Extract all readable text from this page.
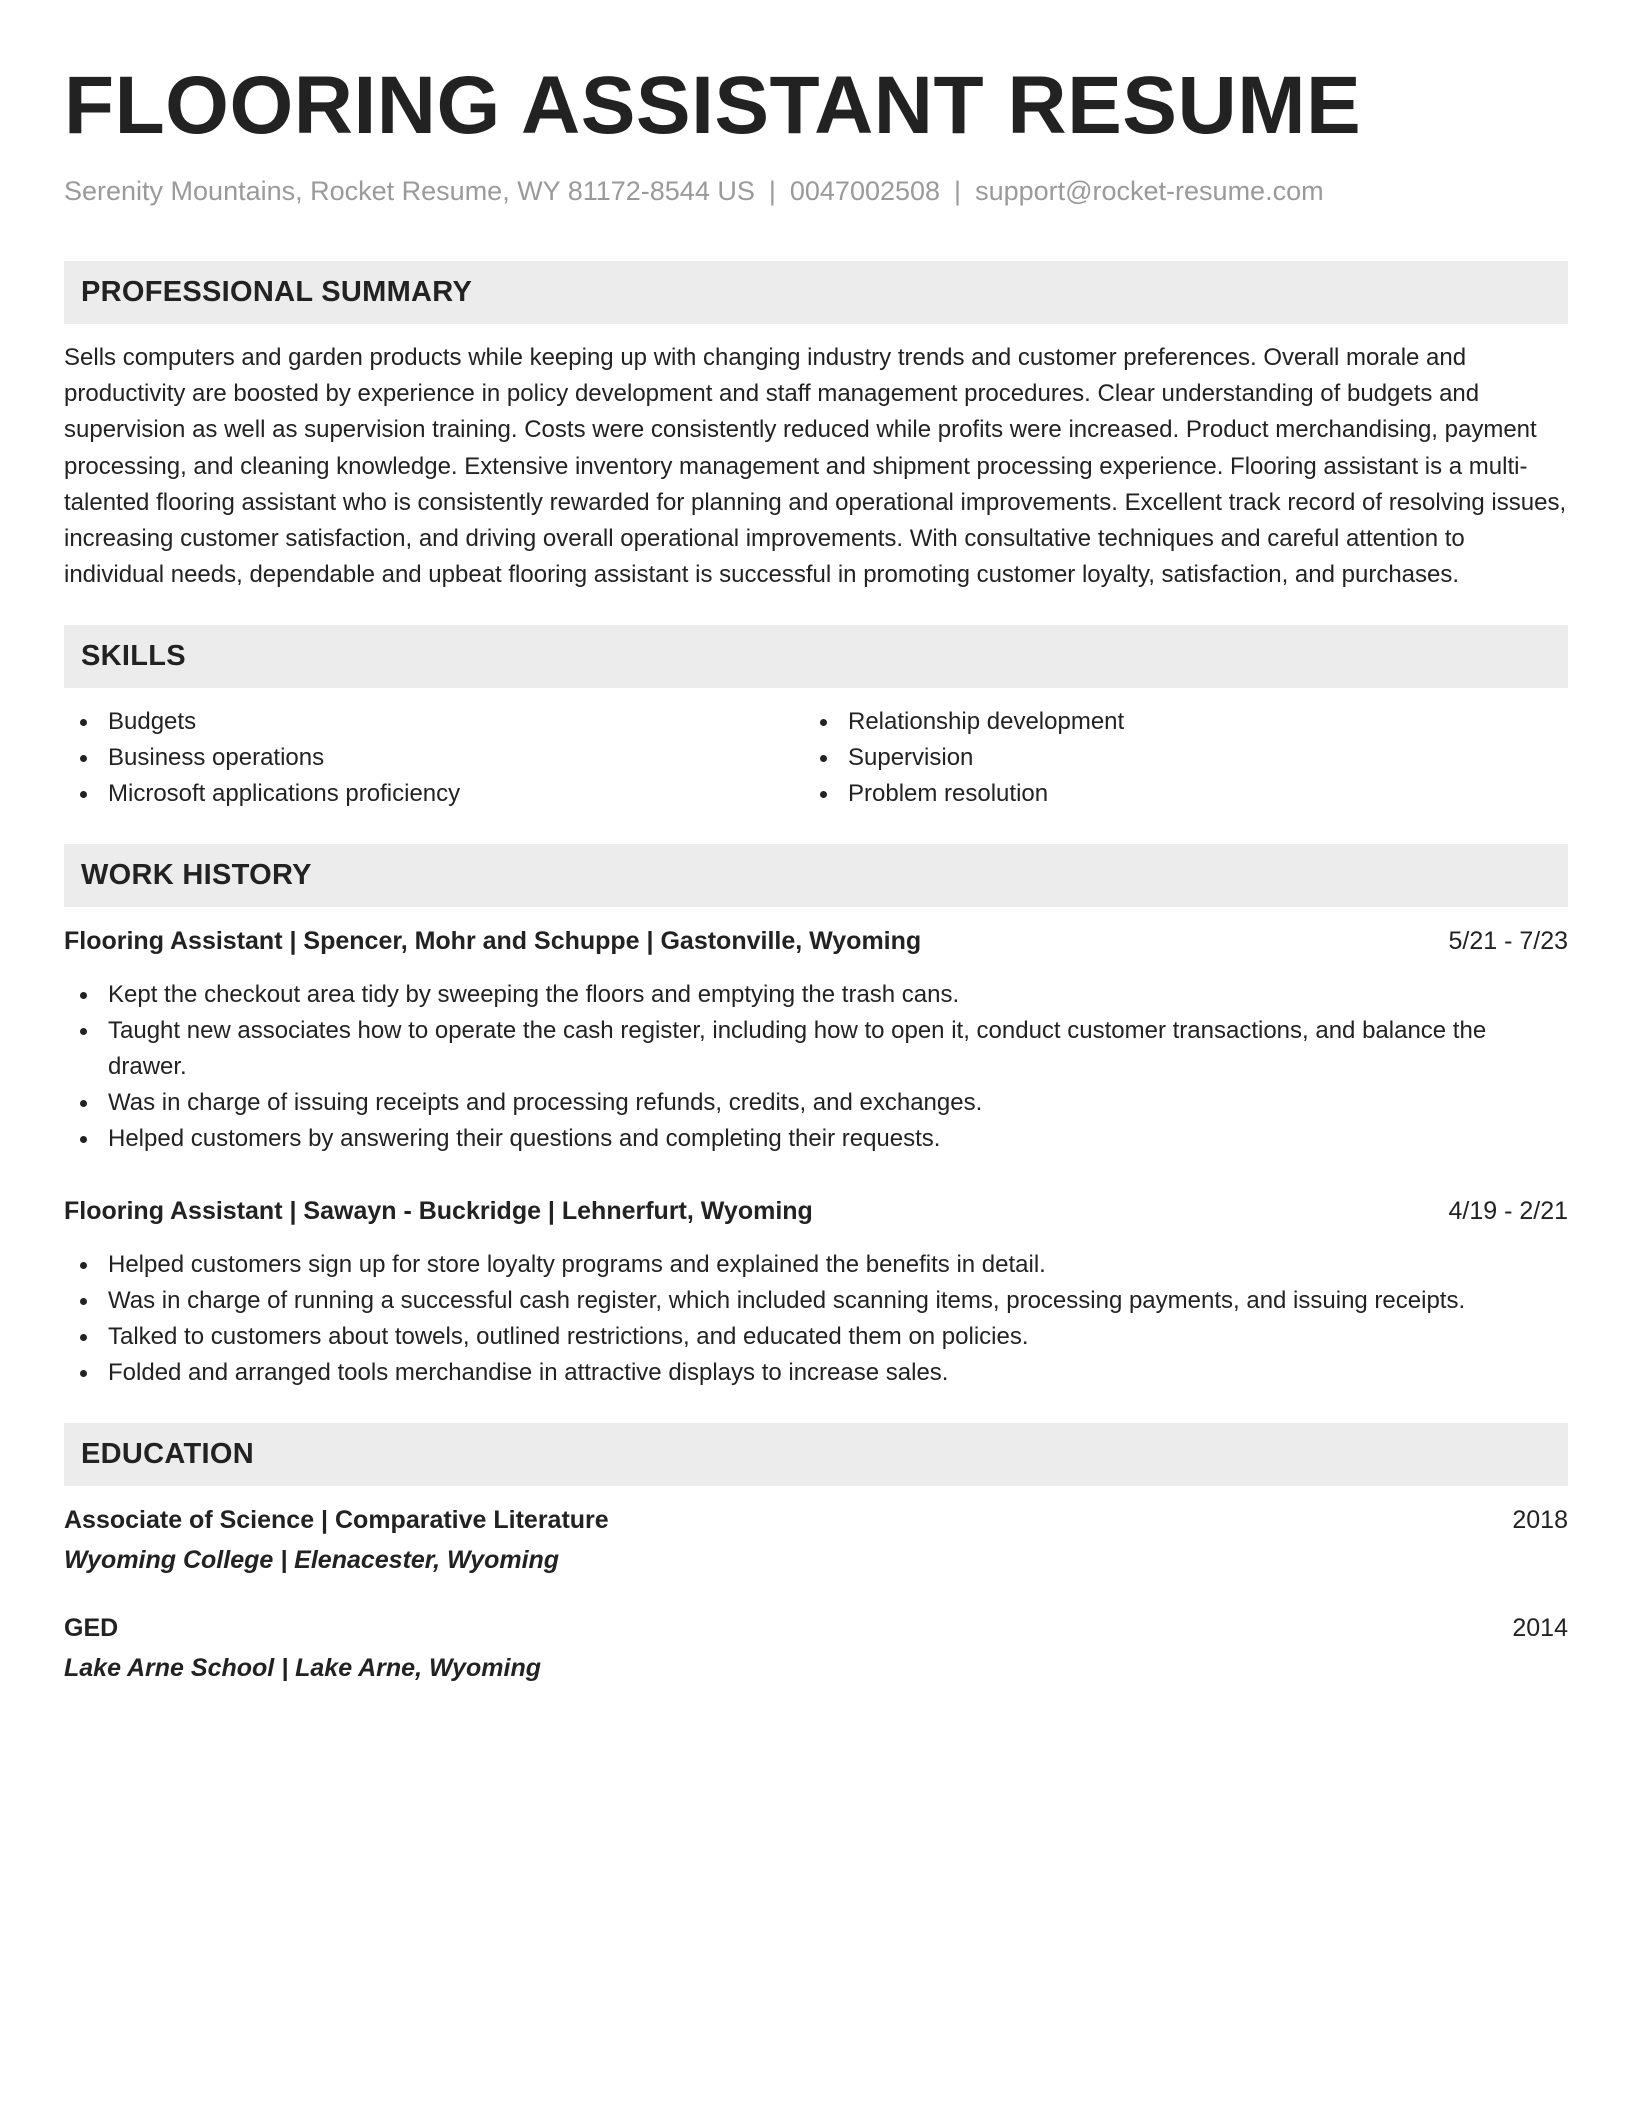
FLOORING ASSISTANT RESUME
Serenity Mountains, Rocket Resume, WY 81172-8544 US | 0047002508 | support@rocket-resume.com
PROFESSIONAL SUMMARY

Sells computers and garden products while keeping up with changing industry trends and customer preferences. Overall morale and productivity are boosted by experience in policy development and staff management procedures. Clear understanding of budgets and supervision as well as supervision training. Costs were consistently reduced while profits were increased. Product merchandising, payment processing, and cleaning knowledge. Extensive inventory management and shipment processing experience. Flooring assistant is a multi-talented flooring assistant who is consistently rewarded for planning and operational improvements. Excellent track record of resolving issues, increasing customer satisfaction, and driving overall operational improvements. With consultative techniques and careful attention to individual needs, dependable and upbeat flooring assistant is successful in promoting customer loyalty, satisfaction, and purchases.

SKILLS
Budgets
Business operations
Microsoft applications proficiency
Relationship development
Supervision
Problem resolution
WORK HISTORY
Flooring Assistant | Spencer, Mohr and Schuppe | Gastonville, Wyoming	5/21 - 7/23
Kept the checkout area tidy by sweeping the floors and emptying the trash cans.
Taught new associates how to operate the cash register, including how to open it, conduct customer transactions, and balance the drawer.
Was in charge of issuing receipts and processing refunds, credits, and exchanges.
Helped customers by answering their questions and completing their requests.
Flooring Assistant | Sawayn - Buckridge | Lehnerfurt, Wyoming	4/19 - 2/21
Helped customers sign up for store loyalty programs and explained the benefits in detail.
Was in charge of running a successful cash register, which included scanning items, processing payments, and issuing receipts.
Talked to customers about towels, outlined restrictions, and educated them on policies.
Folded and arranged tools merchandise in attractive displays to increase sales.
EDUCATION
Associate of Science | Comparative Literature	2018
Wyoming College | Elenacester, Wyoming
GED	2014
Lake Arne School | Lake Arne, Wyoming
